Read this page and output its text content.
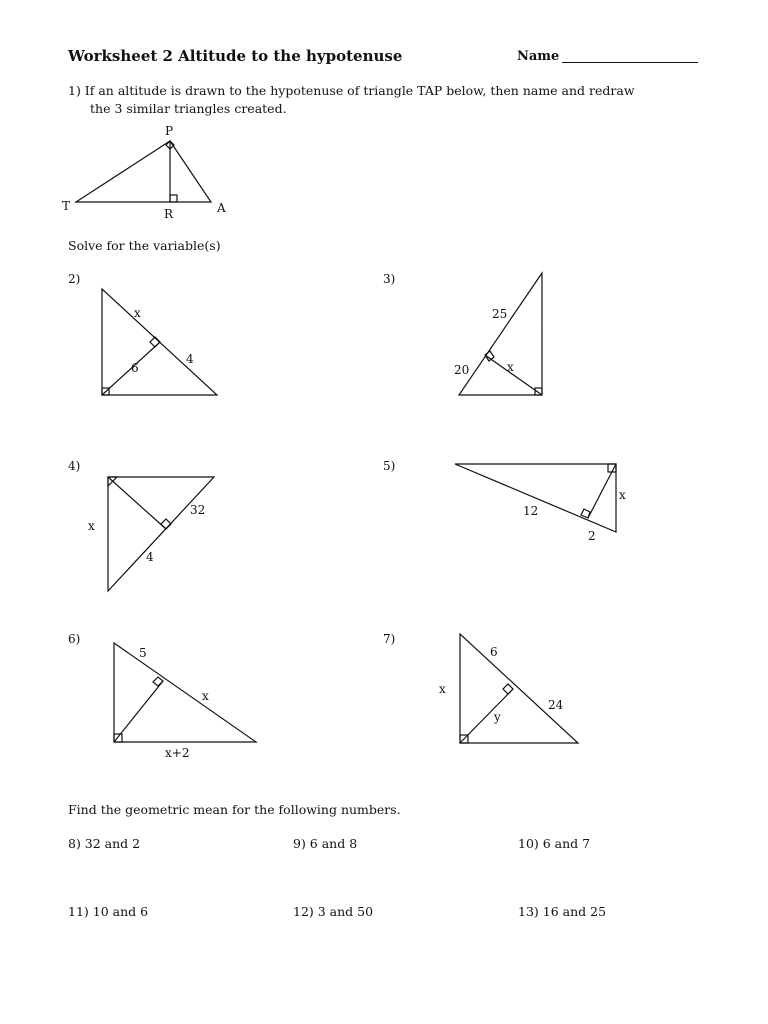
Worksheet 2 Altitude to the hypotenuse	Name
1) If an altitude is drawn to the hypotenuse of triangle TAP below, then name and redraw
the 3 similar triangles created.
P
T
R	A
x
6
4
25
20	x
x
32
4
x
12
2
5
x
x+2
6
x
y
24
Solve for the variable(s)
2)	3)
4)	5)
6)	7)
Find the geometric mean for the following numbers.
8) 32 and 2	9) 6 and 8	10) 6 and 7
11) 10 and 6	12) 3 and 50	13) 16 and 25
